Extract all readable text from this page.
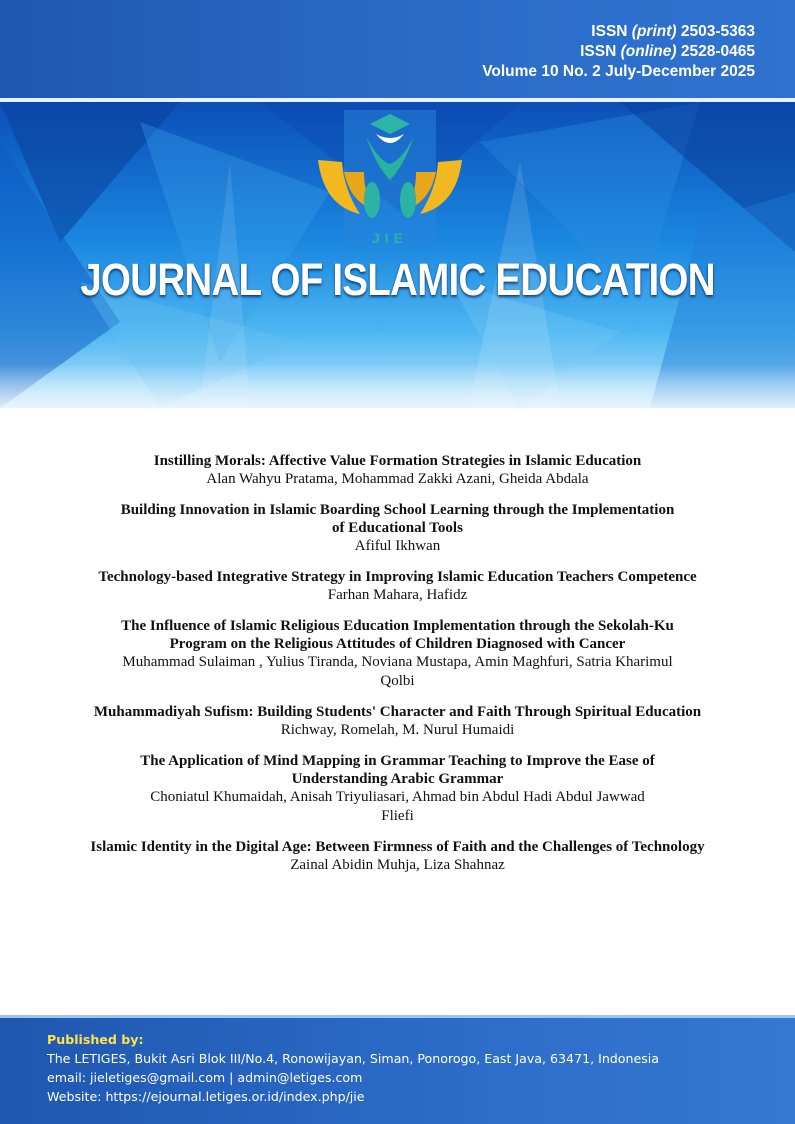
ISSN (print) 2503-5363
ISSN (online) 2528-0465
Volume 10 No. 2 July-December 2025
JIE
JOURNAL OF ISLAMIC EDUCATION
Instilling Morals: Affective Value Formation Strategies in Islamic Education
Alan Wahyu Pratama, Mohammad Zakki Azani, Gheida Abdala
Building Innovation in Islamic Boarding School Learning through the Implementation of Educational Tools
Afiful Ikhwan
Technology-based Integrative Strategy in Improving Islamic Education Teachers Competence
Farhan Mahara, Hafidz
The Influence of Islamic Religious Education Implementation through the Sekolah-Ku Program on the Religious Attitudes of Children Diagnosed with Cancer
Muhammad Sulaiman , Yulius Tiranda, Noviana Mustapa, Amin Maghfuri, Satria Kharimul Qolbi
Muhammadiyah Sufism: Building Students' Character and Faith Through Spiritual Education
Richway, Romelah, M. Nurul Humaidi
The Application of Mind Mapping in Grammar Teaching to Improve the Ease of Understanding Arabic Grammar
Choniatul Khumaidah, Anisah Triyuliasari, Ahmad bin Abdul Hadi Abdul Jawwad Fliefi
Islamic Identity in the Digital Age: Between Firmness of Faith and the Challenges of Technology
Zainal Abidin Muhja, Liza Shahnaz
Published by:
The LETIGES, Bukit Asri Blok III/No.4, Ronowijayan, Siman, Ponorogo, East Java, 63471, Indonesia
email: jieletiges@gmail.com | admin@letiges.com
Website: https://ejournal.letiges.or.id/index.php/jie
